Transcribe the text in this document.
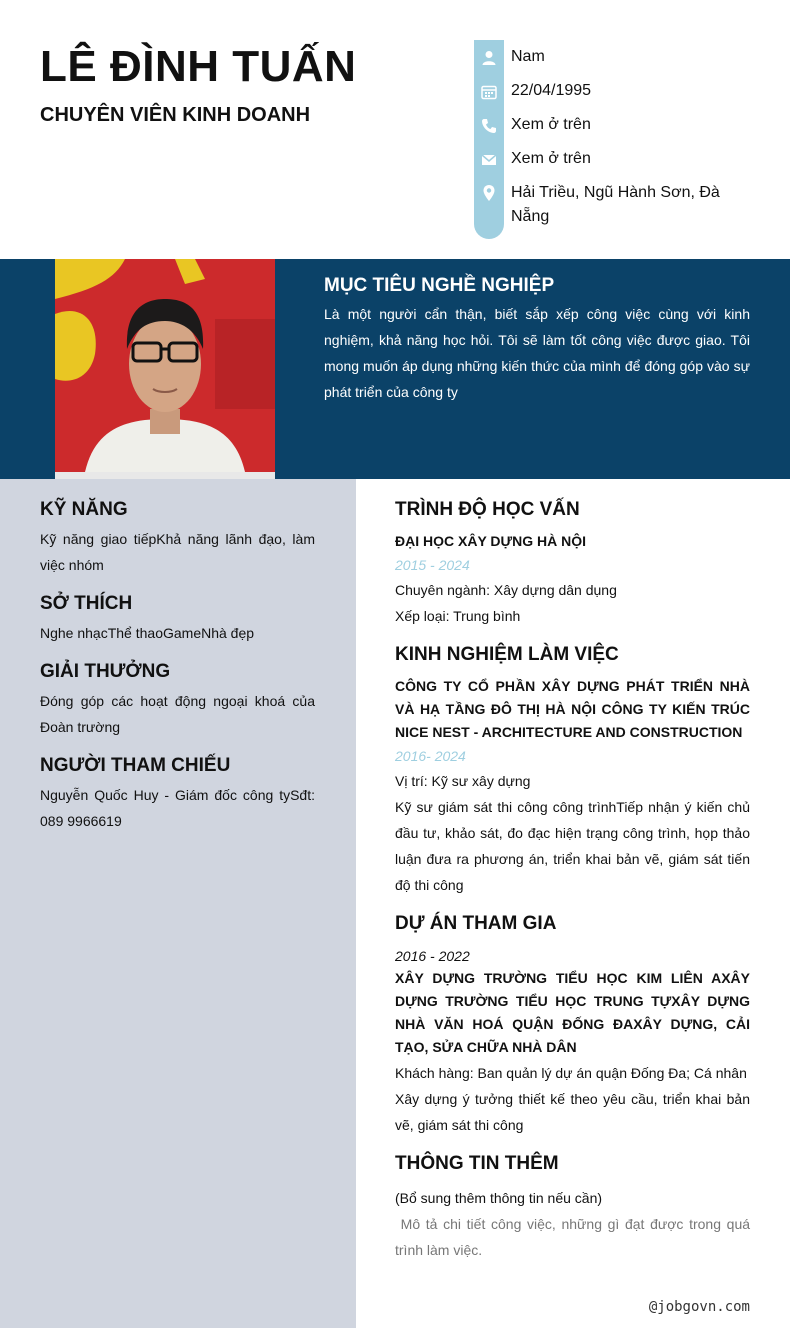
LÊ ĐÌNH TUẤN
CHUYÊN VIÊN KINH DOANH
Nam
22/04/1995
Xem ở trên
Xem ở trên
Hải Triều, Ngũ Hành Sơn, Đà Nẵng
MỤC TIÊU NGHỀ NGHIỆP

Là một người cẩn thận, biết sắp xếp công việc cùng với kinh nghiệm, khả năng học hỏi. Tôi sẽ làm tốt công việc được giao. Tôi mong muốn áp dụng những kiến thức của mình để đóng góp vào sự phát triển của công ty

KỸ NĂNG

Kỹ năng giao tiếpKhả năng lãnh đạo, làm việc nhóm

SỞ THÍCH

Nghe nhạcThể thaoGameNhà đẹp

GIẢI THƯỞNG

Đóng góp các hoạt động ngoại khoá của Đoàn trường

NGƯỜI THAM CHIẾU

Nguyễn Quốc Huy - Giám đốc công tySđt: 089 9966619

TRÌNH ĐỘ HỌC VẤN

ĐẠI HỌC XÂY DỰNG HÀ NỘI

2015 - 2024

Chuyên ngành: Xây dựng dân dụng

Xếp loại: Trung bình

KINH NGHIỆM LÀM VIỆC

CÔNG TY CỔ PHẦN XÂY DỰNG PHÁT TRIỂN NHÀ VÀ HẠ TẦNG ĐÔ THỊ HÀ NỘI CÔNG TY KIẾN TRÚC NICE NEST - ARCHITECTURE AND CONSTRUCTION

2016- 2024

Vị trí: Kỹ sư xây dựng

Kỹ sư giám sát thi công công trìnhTiếp nhận ý kiến chủ đầu tư, khảo sát, đo đạc hiện trạng công trình, họp thảo luận đưa ra phương án, triển khai bản vẽ, giám sát tiến độ thi công

DỰ ÁN THAM GIA

2016 - 2022

XÂY DỰNG TRƯỜNG TIỂU HỌC KIM LIÊN AXÂY DỰNG TRƯỜNG TIỂU HỌC TRUNG TỰXÂY DỰNG NHÀ VĂN HOÁ QUẬN ĐỐNG ĐAXÂY DỰNG, CẢI TẠO, SỬA CHỮA NHÀ DÂN

Khách hàng: Ban quản lý dự án quận Đống Đa; Cá nhân

Xây dựng ý tưởng thiết kế theo yêu cầu, triển khai bản vẽ, giám sát thi công

THÔNG TIN THÊM

(Bổ sung thêm thông tin nếu cần)

Mô tả chi tiết công việc, những gì đạt được trong quá trình làm việc.

@jobgovn.com
